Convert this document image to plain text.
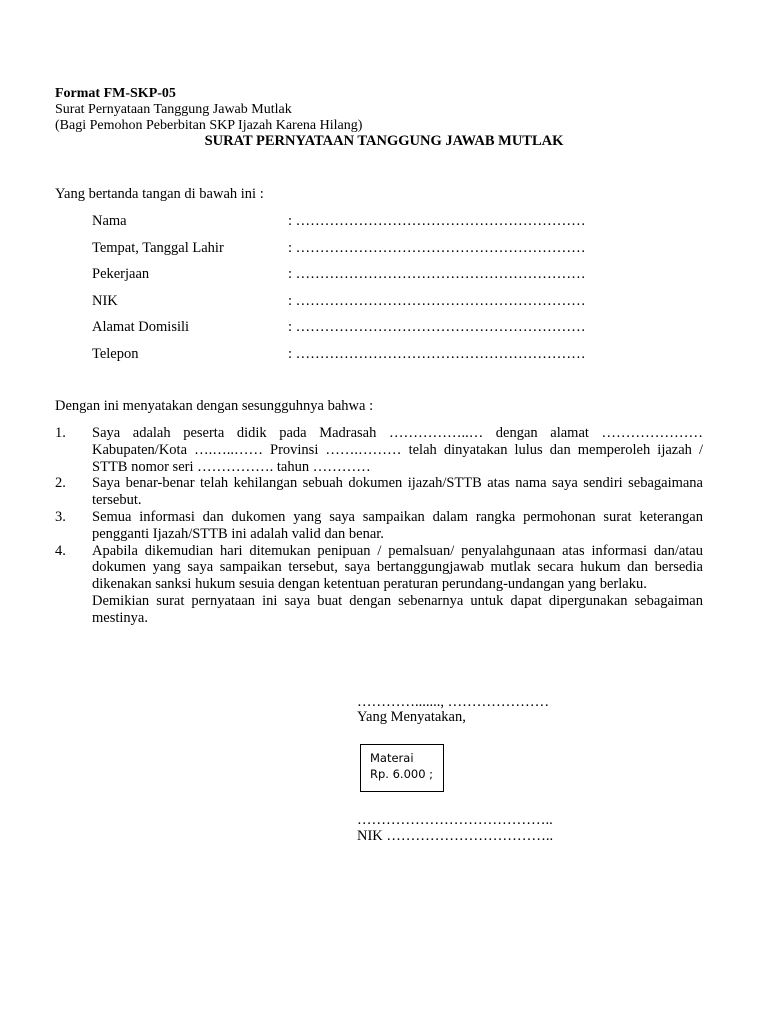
Format FM-SKP-05
Surat Pernyataan Tanggung Jawab Mutlak
(Bagi Pemohon Peberbitan SKP Ijazah Karena Hilang)
SURAT PERNYATAAN TANGGUNG JAWAB MUTLAK
Yang bertanda tangan di bawah ini :
Nama	: ……………………………………………………
Tempat, Tanggal Lahir	: ……………………………………………………
Pekerjaan	: ……………………………………………………
NIK	: ……………………………………………………
Alamat Domisili	: ……………………………………………………
Telepon	: ……………………………………………………
Dengan ini menyatakan dengan sesungguhnya bahwa :
1. Saya adalah peserta didik pada Madrasah ……………..… dengan alamat ………………… Kabupaten/Kota ….…..…… Provinsi …….……… telah dinyatakan lulus dan memperoleh ijazah / STTB nomor seri ……………. tahun …………
2. Saya benar-benar telah kehilangan sebuah dokumen ijazah/STTB atas nama saya sendiri sebagaimana tersebut.
3. Semua informasi dan dukomen yang saya sampaikan dalam rangka permohonan surat keterangan pengganti Ijazah/STTB ini adalah valid dan benar.
4. Apabila dikemudian hari ditemukan penipuan / pemalsuan/ penyalahgunaan atas informasi dan/atau dokumen yang saya sampaikan tersebut, saya bertanggungjawab mutlak secara hukum dan bersedia dikenakan sanksi hukum sesuia dengan ketentuan peraturan perundang-undangan yang berlaku.
Demikian surat pernyataan ini saya buat dengan sebenarnya untuk dapat dipergunakan sebagaiman mestinya.
…………......., …………………
Yang Menyatakan,
Materai
Rp. 6.000 ;
…………………………………..
NIK ……………………………..
